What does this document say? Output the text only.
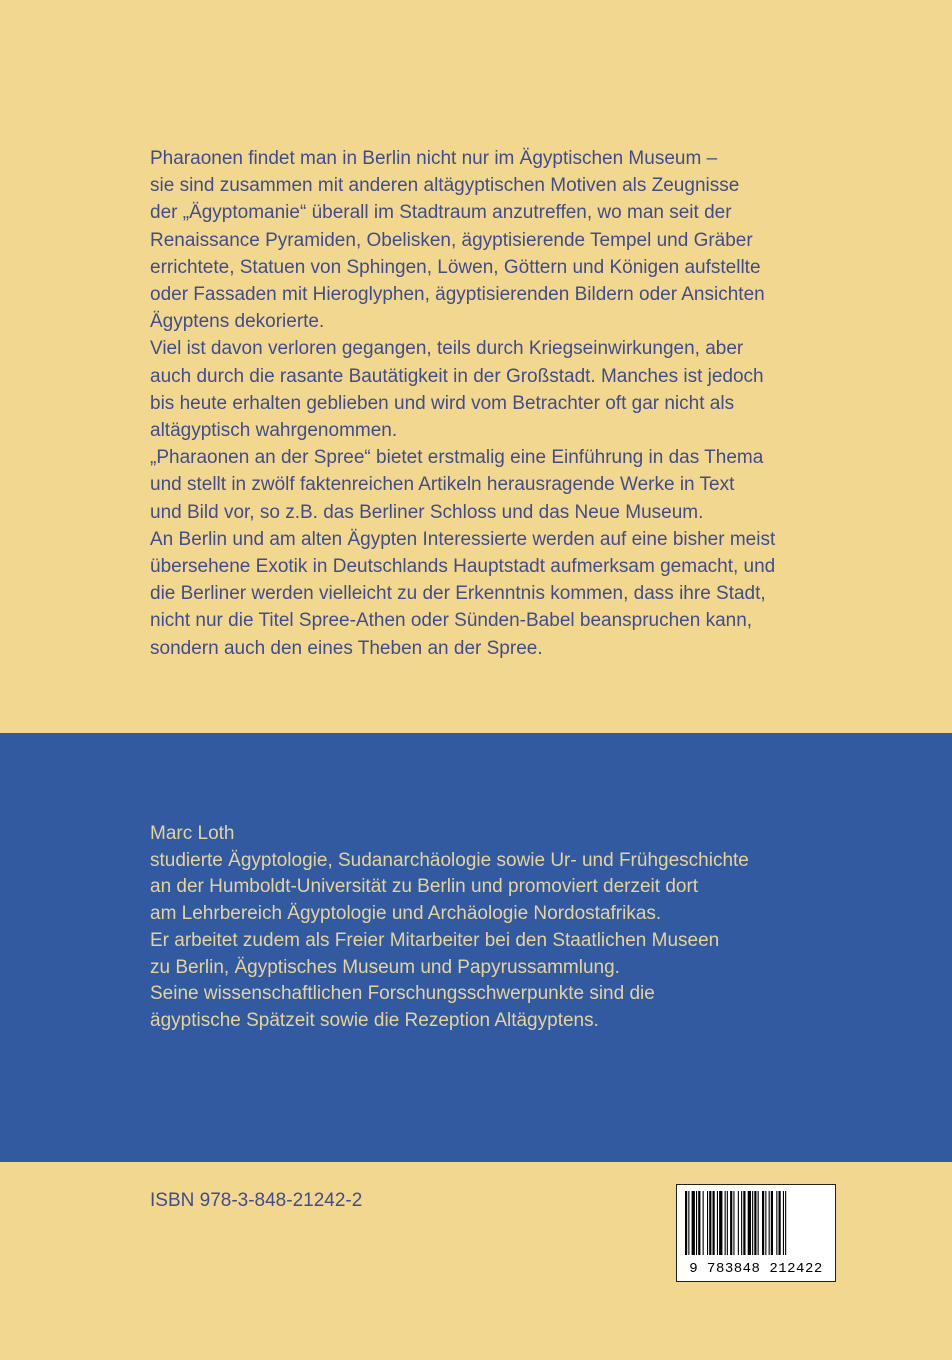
Pharaonen findet man in Berlin nicht nur im Ägyptischen Museum –
sie sind zusammen mit anderen altägyptischen Motiven als Zeugnisse
der „Ägyptomanie“ überall im Stadtraum anzutreffen, wo man seit der
Renaissance Pyramiden, Obelisken, ägyptisierende Tempel und Gräber
errichtete, Statuen von Sphingen, Löwen, Göttern und Königen aufstellte
oder Fassaden mit Hieroglyphen, ägyptisierenden Bildern oder Ansichten
Ägyptens dekorierte.
Viel ist davon verloren gegangen, teils durch Kriegseinwirkungen, aber
auch durch die rasante Bautätigkeit in der Großstadt. Manches ist jedoch
bis heute erhalten geblieben und wird vom Betrachter oft gar nicht als
altägyptisch wahrgenommen.
„Pharaonen an der Spree“ bietet erstmalig eine Einführung in das Thema
und stellt in zwölf faktenreichen Artikeln herausragende Werke in Text
und Bild vor, so z.B. das Berliner Schloss und das Neue Museum.
An Berlin und am alten Ägypten Interessierte werden auf eine bisher meist
übersehene Exotik in Deutschlands Hauptstadt aufmerksam gemacht, und
die Berliner werden vielleicht zu der Erkenntnis kommen, dass ihre Stadt,
nicht nur die Titel Spree-Athen oder Sünden-Babel beanspruchen kann,
sondern auch den eines Theben an der Spree.
Marc Loth
studierte Ägyptologie, Sudanarchäologie sowie Ur- und Frühgeschichte
an der Humboldt-Universität zu Berlin und promoviert derzeit dort
am Lehrbereich Ägyptologie und Archäologie Nordostafrikas.
Er arbeitet zudem als Freier Mitarbeiter bei den Staatlichen Museen
zu Berlin, Ägyptisches Museum und Papyrussammlung.
Seine wissenschaftlichen Forschungsschwerpunkte sind die
ägyptische Spätzeit sowie die Rezeption Altägyptens.
ISBN 978-3-848-21242-2
9 783848 212422
